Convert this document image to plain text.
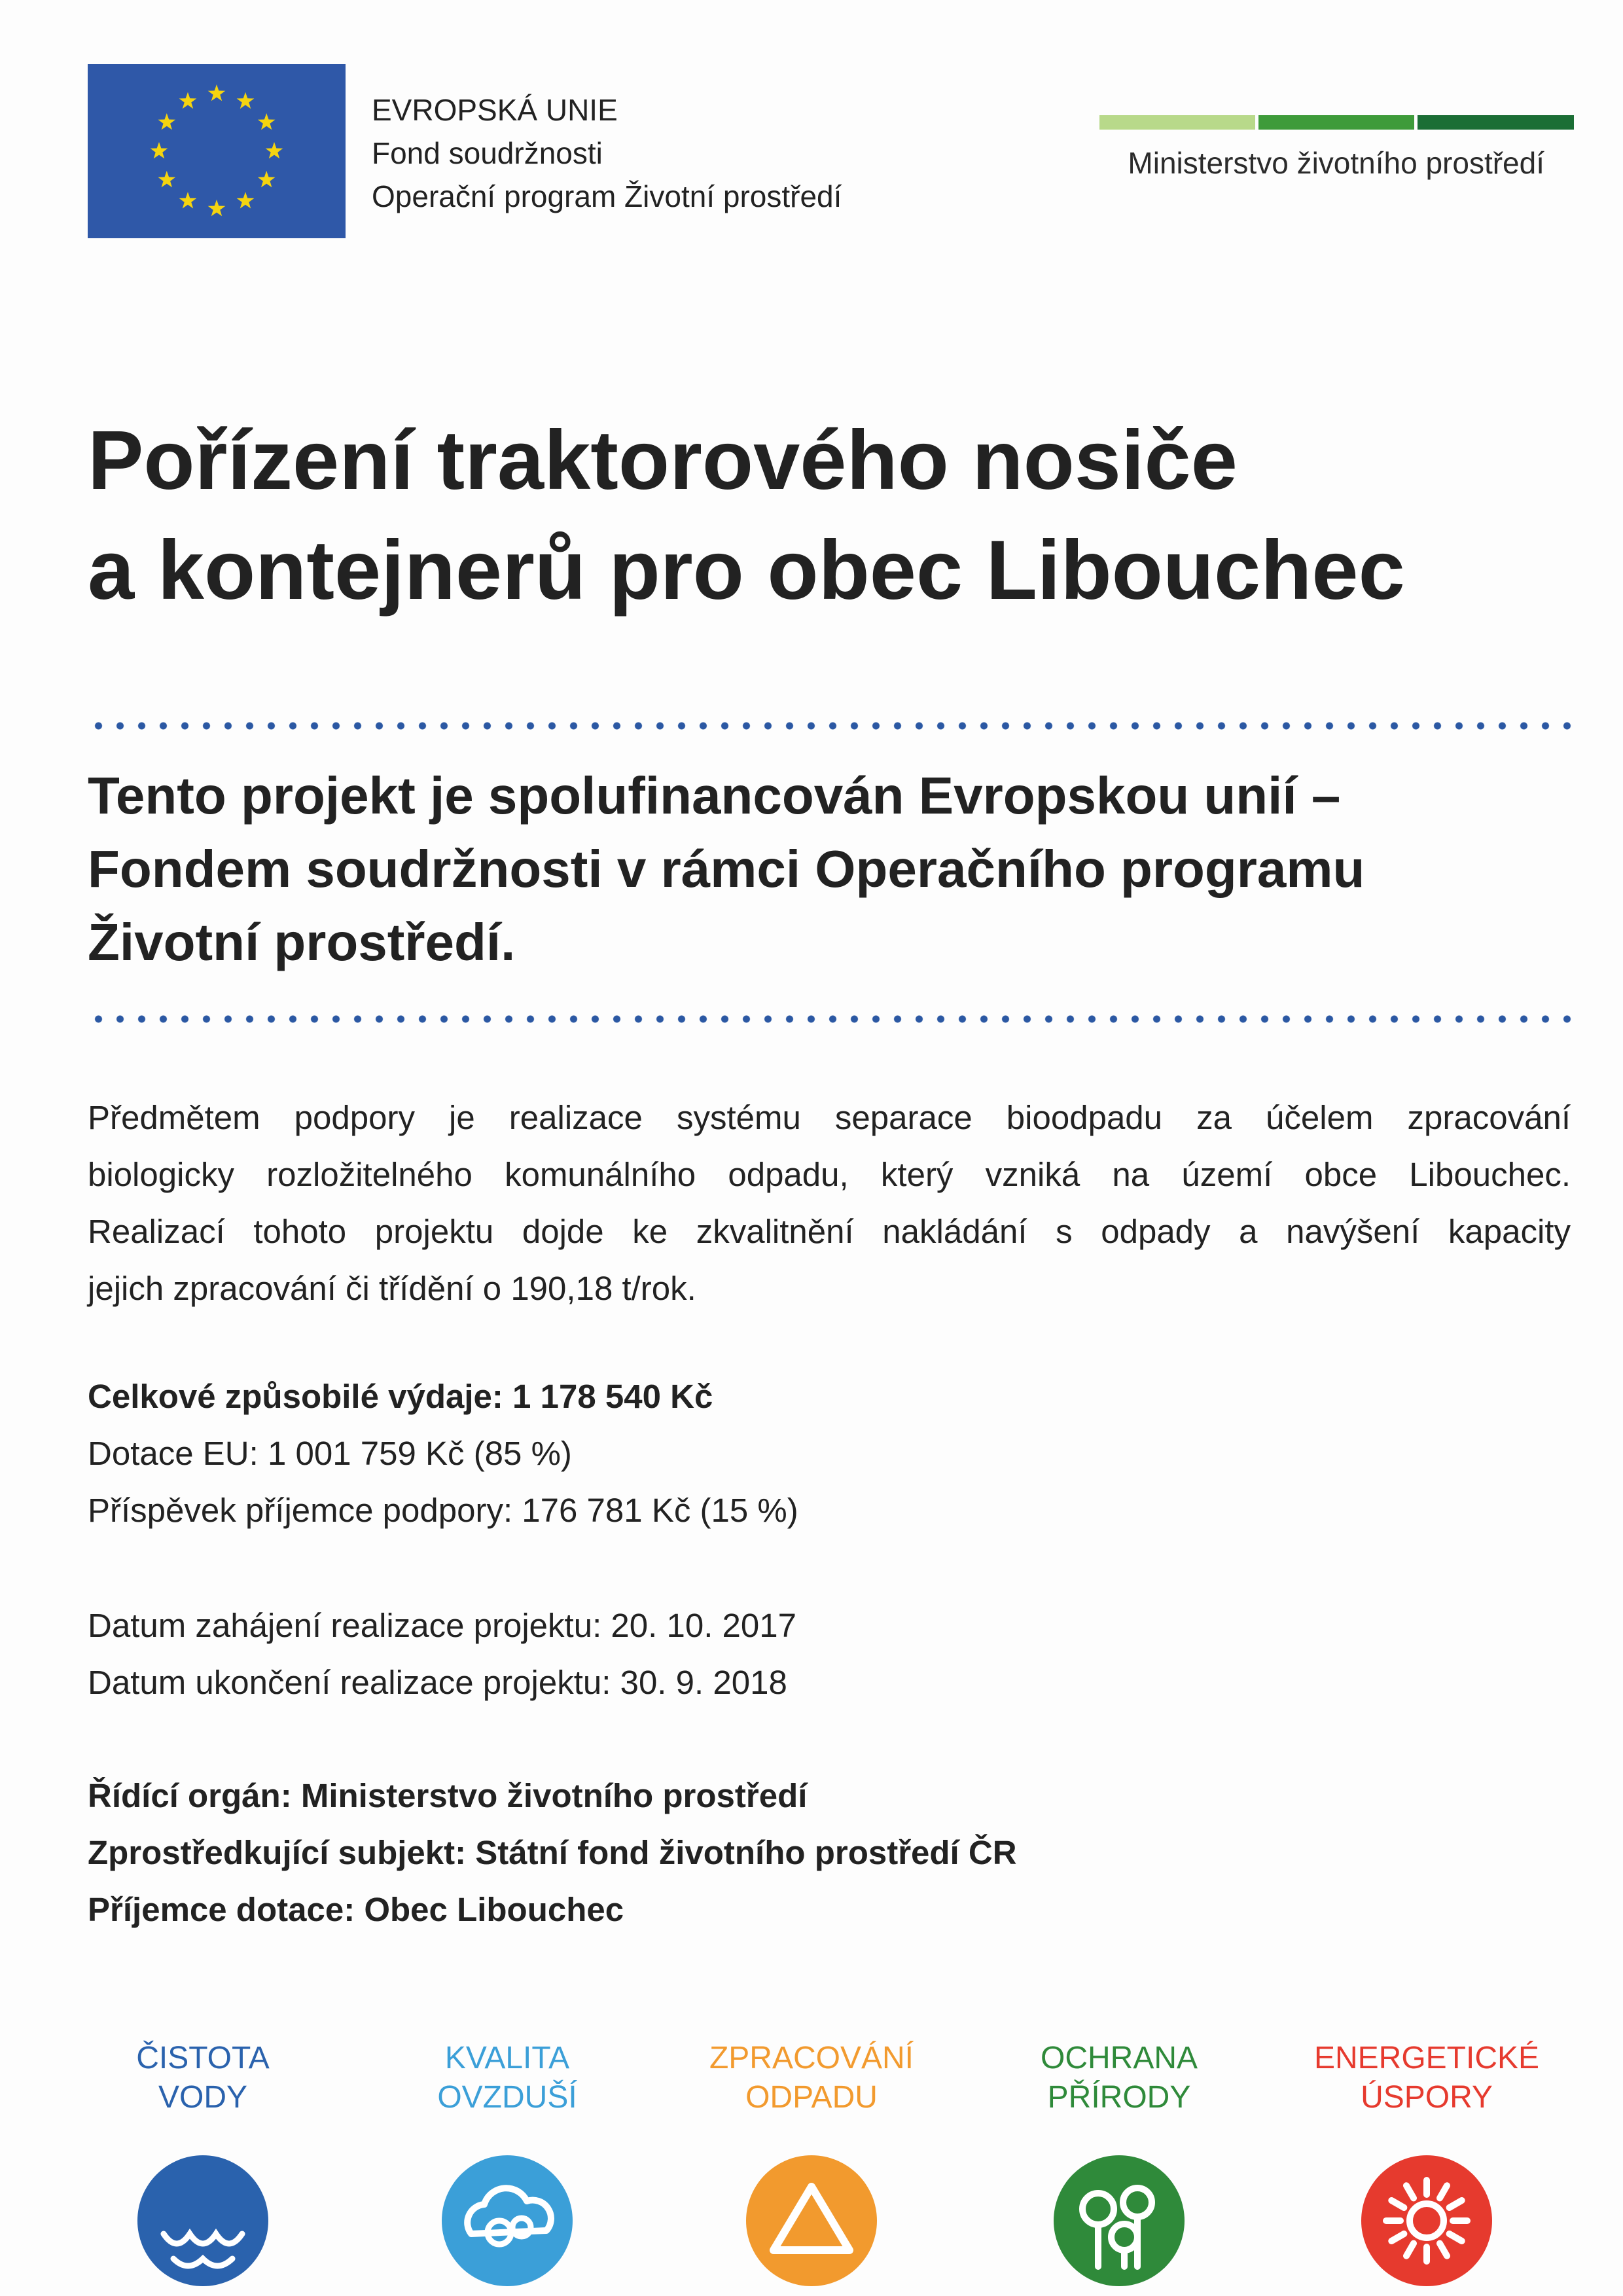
EVROPSKÁ UNIE
Fond soudržnosti
Operační program Životní prostředí
Ministerstvo životního prostředí
Pořízení traktorového nosiče
a kontejnerů pro obec Libouchec
Tento projekt je spolufinancován Evropskou unií –
Fondem soudržnosti v rámci Operačního programu
Životní prostředí.
Předmětem podpory je realizace systému separace bioodpadu za účelem zpracování
biologicky rozložitelného komunálního odpadu, který vzniká na území obce Libouchec.
Realizací tohoto projektu dojde ke zkvalitnění nakládání s odpady a navýšení kapacity
jejich zpracování či třídění o 190,18 t/rok.
Celkové způsobilé výdaje: 1 178 540 Kč
Dotace EU: 1 001 759 Kč (85 %)
Příspěvek příjemce podpory: 176 781 Kč (15 %)
Datum zahájení realizace projektu: 20. 10. 2017
Datum ukončení realizace projektu: 30. 9. 2018
Řídící orgán: Ministerstvo životního prostředí
Zprostředkující subjekt: Státní fond životního prostředí ČR
Příjemce dotace: Obec Libouchec
ČISTOTA
VODY
KVALITA
OVZDUŠÍ
ZPRACOVÁNÍ
ODPADU
OCHRANA
PŘÍRODY
ENERGETICKÉ
ÚSPORY
